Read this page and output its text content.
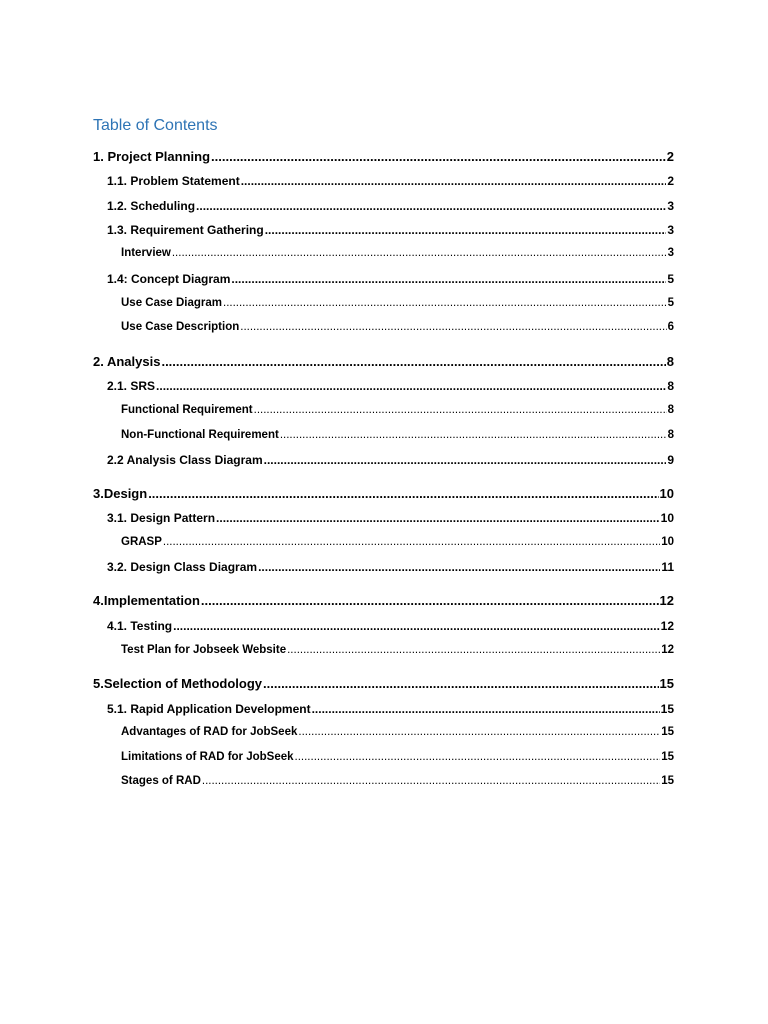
Table of Contents
1. Project Planning .....	2
1.1. Problem Statement .....	2
1.2. Scheduling .....	3
1.3. Requirement Gathering .....	3
Interview .....	3
1.4: Concept Diagram .....	5
Use Case Diagram .....	5
Use Case Description .....	6
2. Analysis .....	8
2.1. SRS .....	8
Functional Requirement .....	8
Non-Functional Requirement .....	8
2.2 Analysis Class Diagram .....	9
3.Design .....	10
3.1. Design Pattern .....	10
GRASP .....	10
3.2. Design Class Diagram .....	11
4.Implementation .....	12
4.1. Testing .....	12
Test Plan for Jobseek Website .....	12
5.Selection of Methodology .....	15
5.1. Rapid Application Development .....	15
Advantages of RAD for JobSeek .....	15
Limitations of RAD for JobSeek .....	15
Stages of RAD .....	15
